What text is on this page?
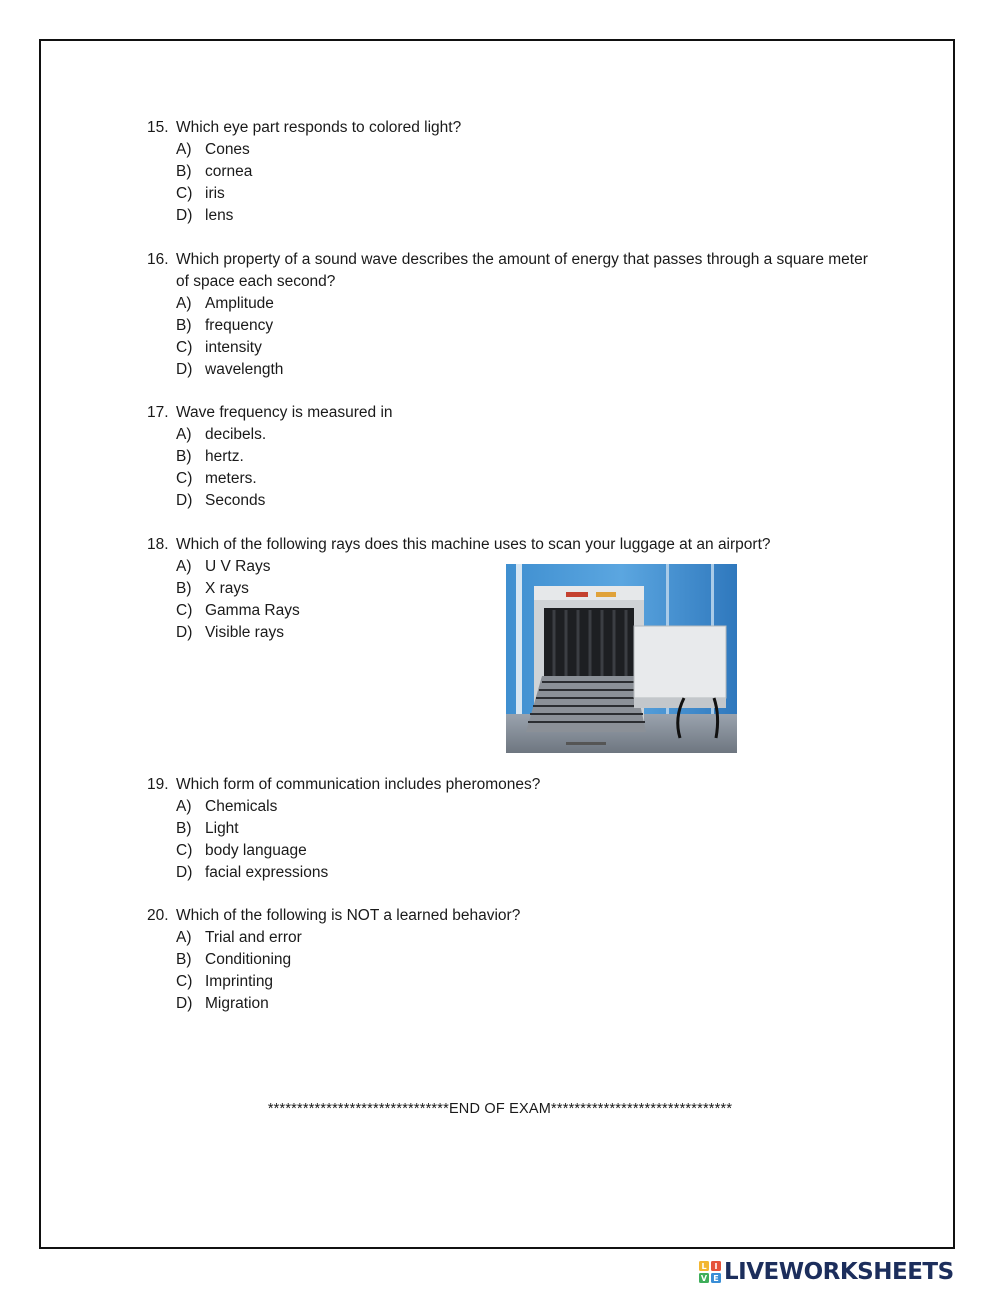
15. Which eye part responds to colored light?
A) Cones
B) cornea
C) iris
D) lens
16. Which property of a sound wave describes the amount of energy that passes through a square meter of space each second?
A) Amplitude
B) frequency
C) intensity
D) wavelength
17. Wave frequency is measured in
A) decibels.
B) hertz.
C) meters.
D) Seconds
18. Which of the following rays does this machine uses to scan your luggage at an airport?
A) U V Rays
B) X rays
C) Gamma Rays
D) Visible rays
19. Which form of communication includes pheromones?
A) Chemicals
B) Light
C) body language
D) facial expressions
20. Which of the following is NOT a learned behavior?
A) Trial and error
B) Conditioning
C) Imprinting
D) Migration
*******************************END OF EXAM*******************************
L I
V E LIVEWORKSHEETS
